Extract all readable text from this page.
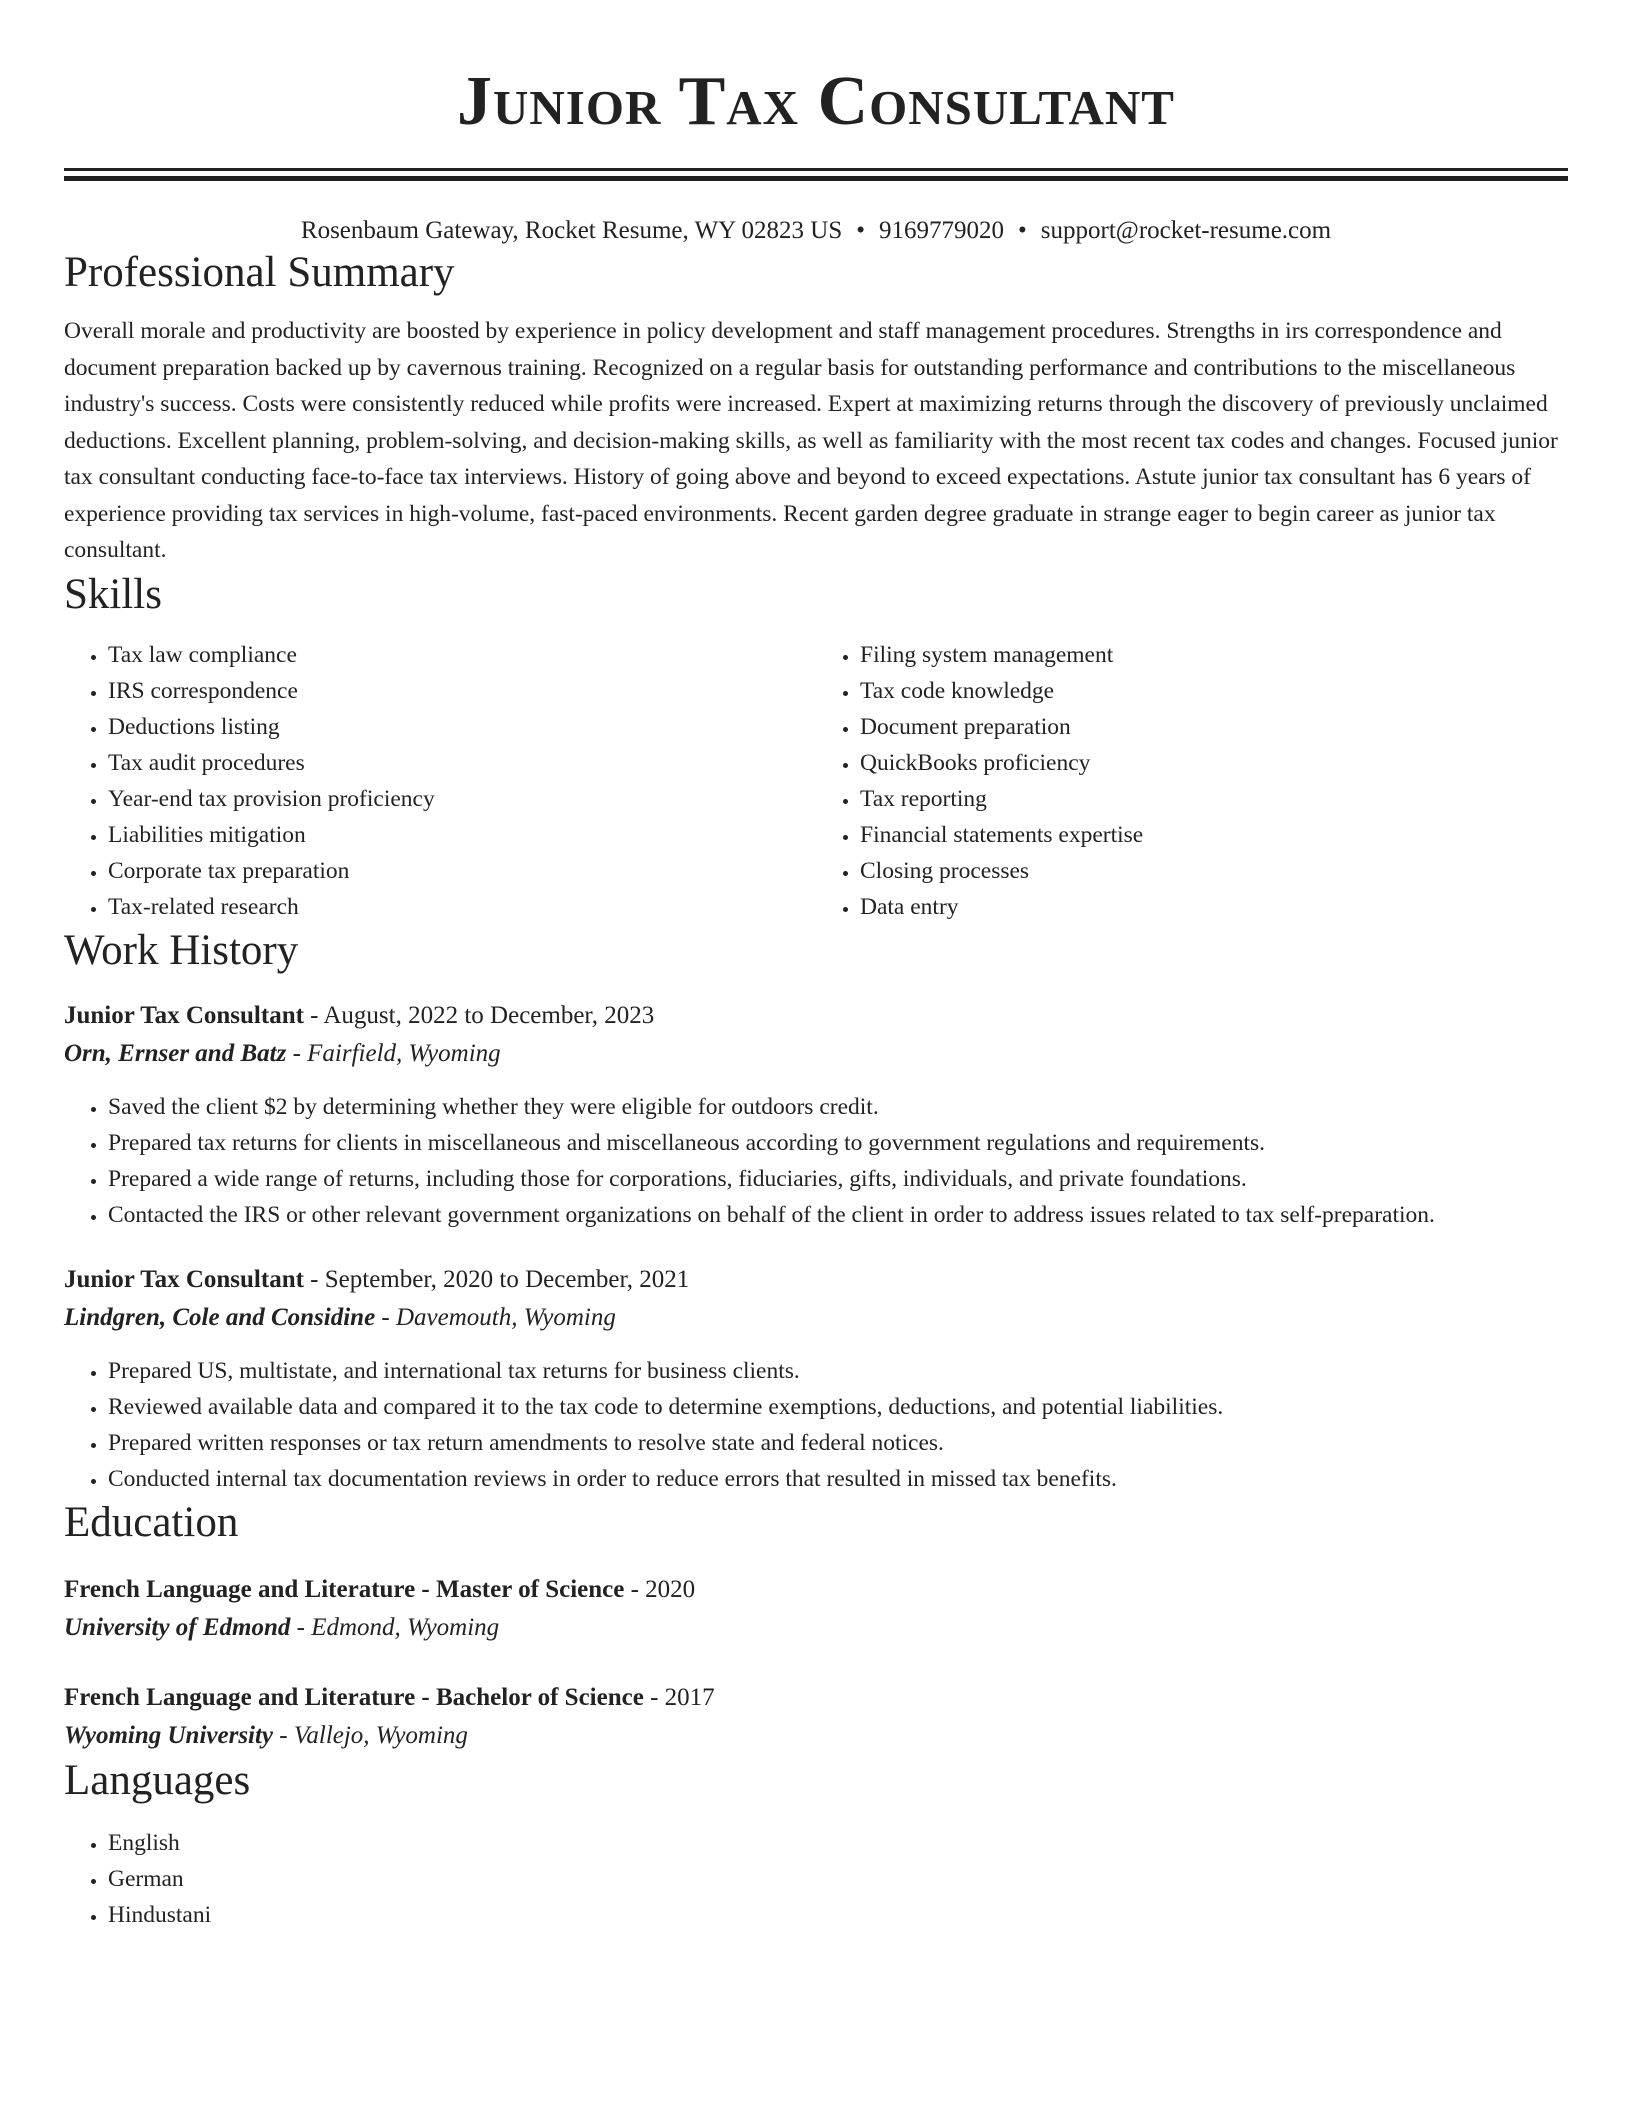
Junior Tax Consultant
Rosenbaum Gateway, Rocket Resume, WY 02823 US • 9169779020 • support@rocket-resume.com
Professional Summary
Overall morale and productivity are boosted by experience in policy development and staff management procedures. Strengths in irs correspondence and document preparation backed up by cavernous training. Recognized on a regular basis for outstanding performance and contributions to the miscellaneous industry's success. Costs were consistently reduced while profits were increased. Expert at maximizing returns through the discovery of previously unclaimed deductions. Excellent planning, problem-solving, and decision-making skills, as well as familiarity with the most recent tax codes and changes. Focused junior tax consultant conducting face-to-face tax interviews. History of going above and beyond to exceed expectations. Astute junior tax consultant has 6 years of experience providing tax services in high-volume, fast-paced environments. Recent garden degree graduate in strange eager to begin career as junior tax consultant.
Skills
• Tax law compliance
• IRS correspondence
• Deductions listing
• Tax audit procedures
• Year-end tax provision proficiency
• Liabilities mitigation
• Corporate tax preparation
• Tax-related research
• Filing system management
• Tax code knowledge
• Document preparation
• QuickBooks proficiency
• Tax reporting
• Financial statements expertise
• Closing processes
• Data entry
Work History
Junior Tax Consultant - August, 2022 to December, 2023
Orn, Ernser and Batz - Fairfield, Wyoming
• Saved the client $2 by determining whether they were eligible for outdoors credit.
• Prepared tax returns for clients in miscellaneous and miscellaneous according to government regulations and requirements.
• Prepared a wide range of returns, including those for corporations, fiduciaries, gifts, individuals, and private foundations.
• Contacted the IRS or other relevant government organizations on behalf of the client in order to address issues related to tax self-preparation.
Junior Tax Consultant - September, 2020 to December, 2021
Lindgren, Cole and Considine - Davemouth, Wyoming
• Prepared US, multistate, and international tax returns for business clients.
• Reviewed available data and compared it to the tax code to determine exemptions, deductions, and potential liabilities.
• Prepared written responses or tax return amendments to resolve state and federal notices.
• Conducted internal tax documentation reviews in order to reduce errors that resulted in missed tax benefits.
Education
French Language and Literature - Master of Science - 2020
University of Edmond - Edmond, Wyoming
French Language and Literature - Bachelor of Science - 2017
Wyoming University - Vallejo, Wyoming
Languages
• English
• German
• Hindustani
